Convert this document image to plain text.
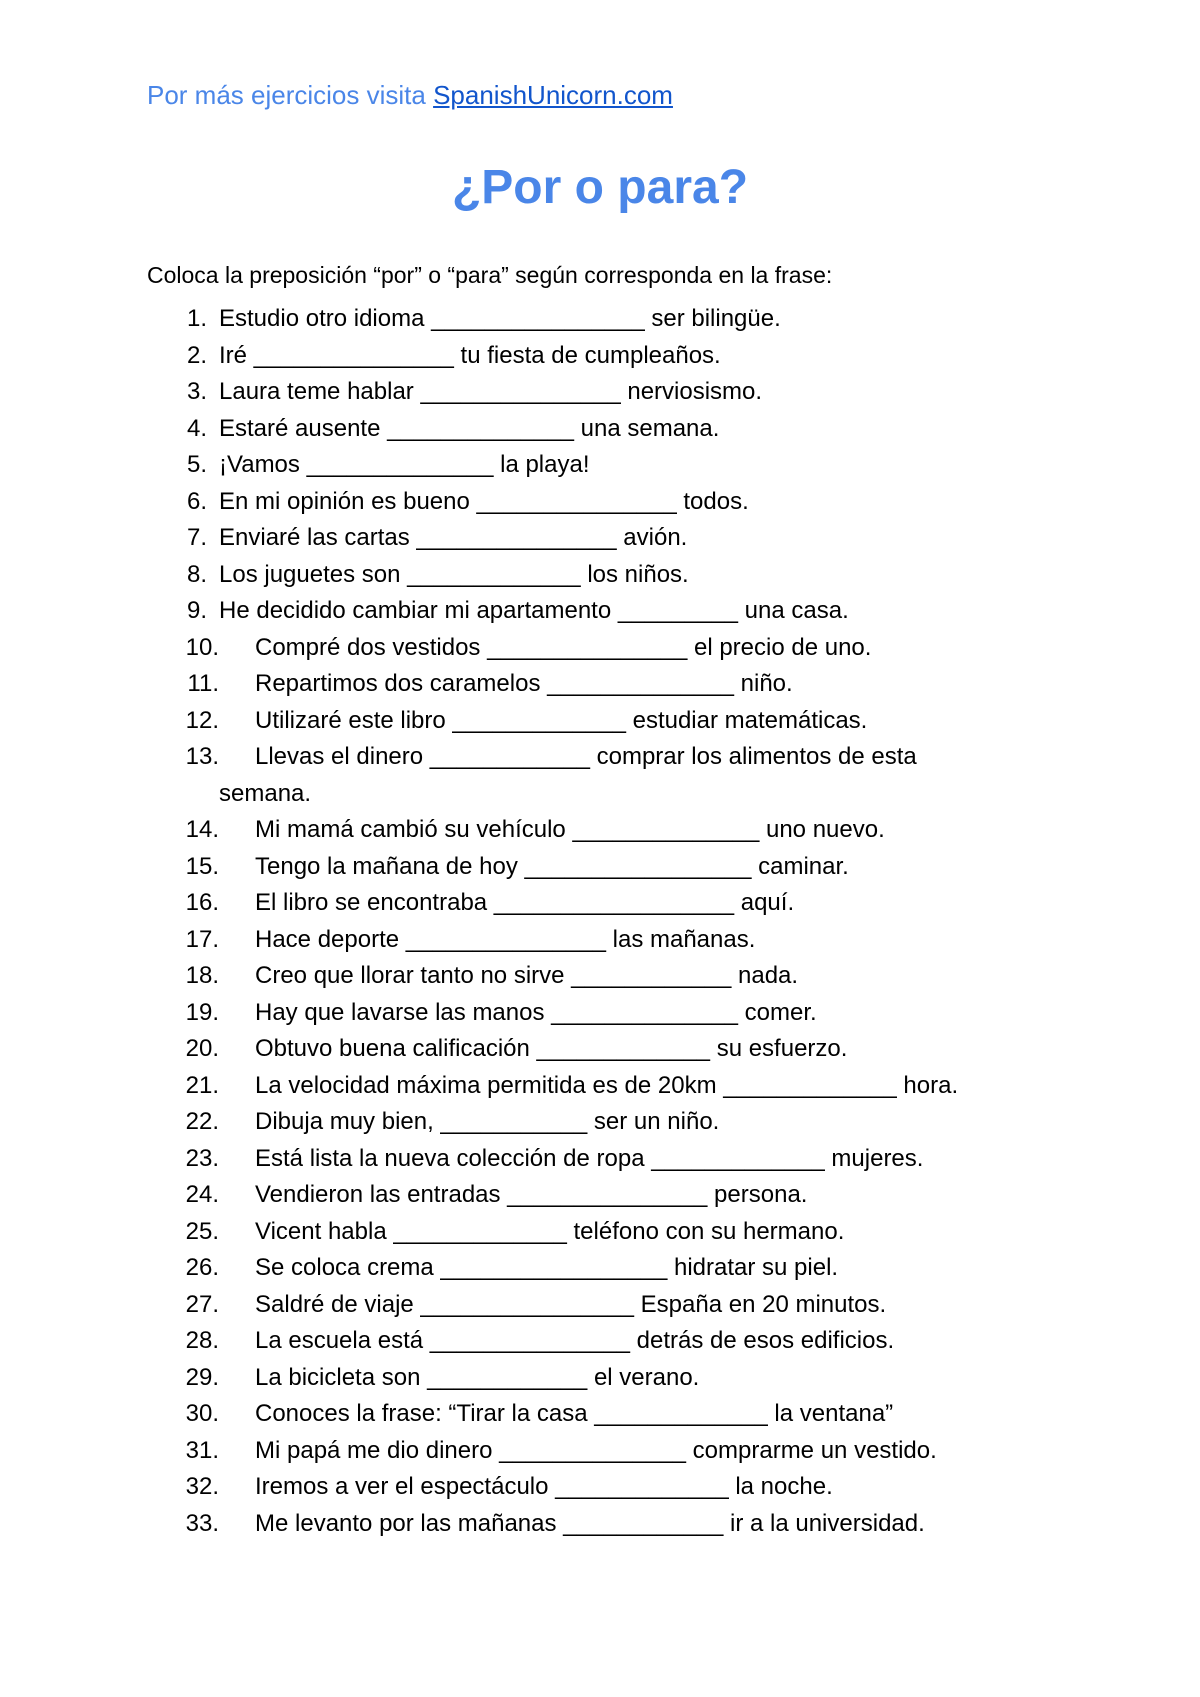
Por más ejercicios visita SpanishUnicorn.com
¿Por o para?
Coloca la preposición “por” o “para” según corresponda en la frase:
1. Estudio otro idioma ________________ ser bilingüe.
2. Iré _______________ tu fiesta de cumpleaños.
3. Laura teme hablar _______________ nerviosismo.
4. Estaré ausente ______________ una semana.
5. ¡Vamos ______________ la playa!
6. En mi opinión es bueno _______________ todos.
7. Enviaré las cartas _______________ avión.
8. Los juguetes son _____________ los niños.
9. He decidido cambiar mi apartamento _________ una casa.
10. Compré dos vestidos _______________ el precio de uno.
11. Repartimos dos caramelos ______________ niño.
12. Utilizaré este libro _____________ estudiar matemáticas.
13. Llevas el dinero ____________ comprar los alimentos de esta
semana.
14. Mi mamá cambió su vehículo ______________ uno nuevo.
15. Tengo la mañana de hoy _________________ caminar.
16. El libro se encontraba __________________ aquí.
17. Hace deporte _______________ las mañanas.
18. Creo que llorar tanto no sirve ____________ nada.
19. Hay que lavarse las manos ______________ comer.
20. Obtuvo buena calificación _____________ su esfuerzo.
21. La velocidad máxima permitida es de 20km _____________ hora.
22. Dibuja muy bien, ___________ ser un niño.
23. Está lista la nueva colección de ropa _____________ mujeres.
24. Vendieron las entradas _______________ persona.
25. Vicent habla _____________ teléfono con su hermano.
26. Se coloca crema _________________ hidratar su piel.
27. Saldré de viaje ________________ España en 20 minutos.
28. La escuela está _______________ detrás de esos edificios.
29. La bicicleta son ____________ el verano.
30. Conoces la frase: “Tirar la casa _____________ la ventana”
31. Mi papá me dio dinero ______________ comprarme un vestido.
32. Iremos a ver el espectáculo _____________ la noche.
33. Me levanto por las mañanas ____________ ir a la universidad.
